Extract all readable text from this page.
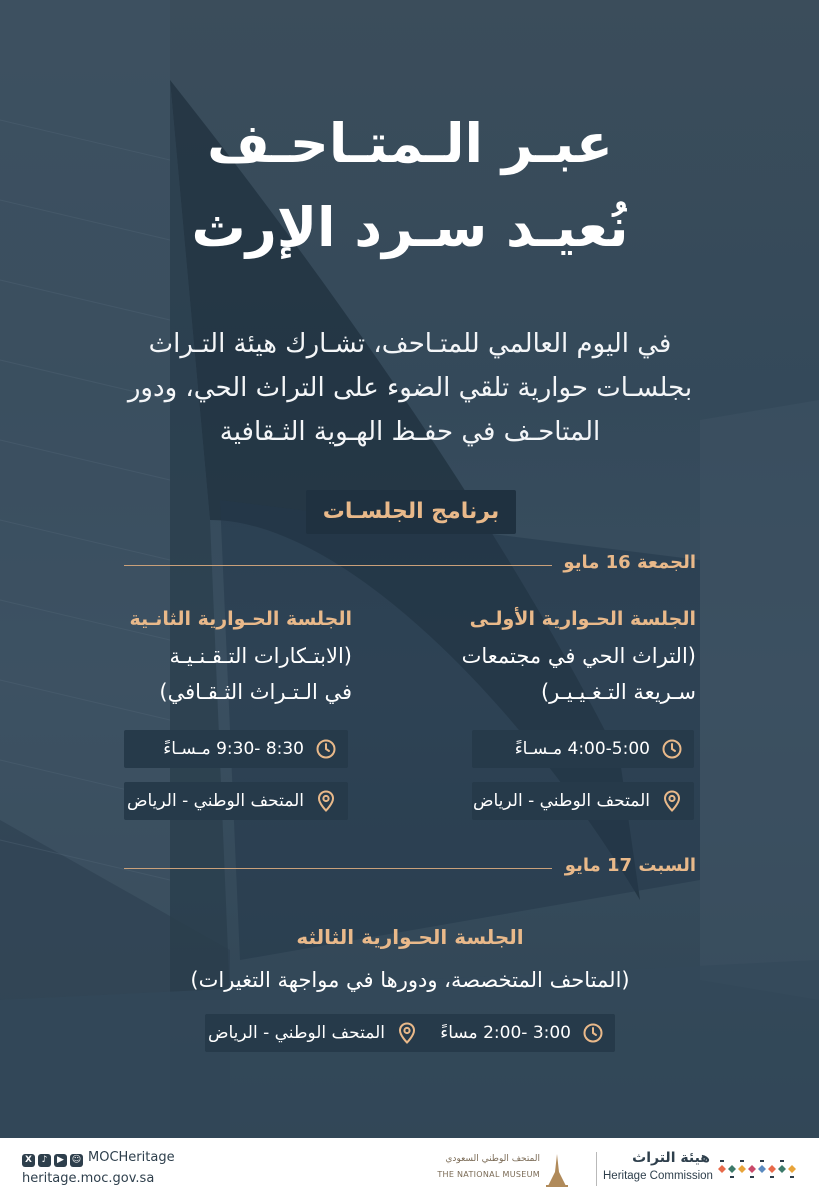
عبـر الـمتـاحـف
نُعيـد سـرد الإرث
في اليوم العالمي للمتـاحف، تشـارك هيئة التـراث
بجلسـات حوارية تلقي الضوء على التراث الحي، ودور
المتاحـف في حفـظ الهـوية الثـقافية
برنامج الجلسـات
الجمعة 16 مايو
الجلسة الحـوارية الأولـى
(التراث الحي في مجتمعات
سـريعة التـغـيـيـر)
الجلسة الحـوارية الثانـية
(الابتـكارات التـقـنـيـة
في الـتـراث الثـقـافي)
4:00-5:00 مـسـاءً
المتحف الوطني - الرياض
8:30 -9:30 مـسـاءً
المتحف الوطني - الرياض
السبت 17 مايو
الجلسة الحـوارية الثالثه
(المتاحف المتخصصة، ودورها في مواجهة التغيرات)
3:00 -2:00 مساءً
المتحف الوطني - الرياض
X	♪	▶ ☺ MOCHeritage
heritage.moc.gov.sa
المتحف الوطني السعودي
THE NATIONAL MUSEUM
هيئة التراث
Heritage Commission
